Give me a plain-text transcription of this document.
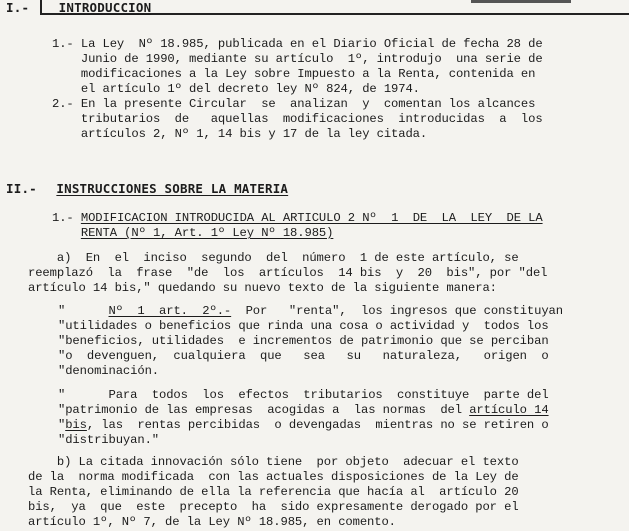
I.- INTRODUCCION
1.- La Ley  Nº 18.985, publicada en el Diario Oficial de fecha 28 de
Junio de 1990, mediante su artículo  1º, introdujo  una serie de
modificaciones a la Ley sobre Impuesto a la Renta, contenida en
el artículo 1º del decreto ley Nº 824, de 1974.
2.- En la presente Circular  se  analizan  y  comentan los alcances
tributarios  de   aquellas  modificaciones  introducidas  a  los
artículos 2, Nº 1, 14 bis y 17 de la ley citada.
II.- INSTRUCCIONES SOBRE LA MATERIA
1.- MODIFICACION INTRODUCIDA AL ARTICULO 2 Nº  1  DE  LA  LEY  DE LA
RENTA (Nº 1, Art. 1º Ley Nº 18.985)
a)  En  el  inciso  segundo  del  número  1 de este artículo, se
reemplazó  la  frase  "de  los  artículos  14 bis  y  20  bis", por "del
artículo 14 bis," quedando su nuevo texto de la siguiente manera:
"	Nº  1  art.  2º.-  Por   "renta",  los ingresos que constituyan
"utilidades o beneficios que rinda una cosa o actividad y  todos los
"beneficios, utilidades  e incrementos de patrimonio que se perciban
"o  devenguen,  cualquiera  que   sea   su   naturaleza,   origen  o
"denominación.
"      Para  todos  los  efectos  tributarios  constituye  parte del
"patrimonio de las empresas  acogidas a  las normas  del artículo 14
"bis, las  rentas percibidas  o devengadas  mientras no se retiren o
"distribuyan."
b) La citada innovación sólo tiene  por objeto  adecuar el texto
de la  norma modificada  con las actuales disposiciones de la Ley de
la Renta, eliminando de ella la referencia que hacía al  artículo 20
bis,  ya  que  este  precepto  ha  sido expresamente derogado por el
artículo 1º, Nº 7, de la Ley Nº 18.985, en comento.
